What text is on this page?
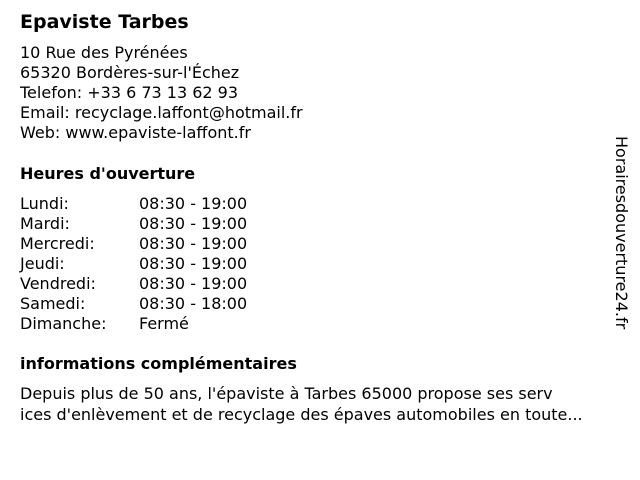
Epaviste Tarbes
10 Rue des Pyrénées
65320 Bordères-sur-l'Échez
Telefon: +33 6 73 13 62 93
Email: recyclage.laffont@hotmail.fr
Web: www.epaviste-laffont.fr
Heures d'ouverture
Lundi:	08:30 - 19:00
Mardi:	08:30 - 19:00
Mercredi:	08:30 - 19:00
Jeudi:	08:30 - 19:00
Vendredi:	08:30 - 19:00
Samedi:	08:30 - 18:00
Dimanche: Fermé
informations complémentaires
Depuis plus de 50 ans, l'épaviste à Tarbes 65000 propose ses serv
ices d'enlèvement et de recyclage des épaves automobiles en toute...
Horairesdouverture24.fr
